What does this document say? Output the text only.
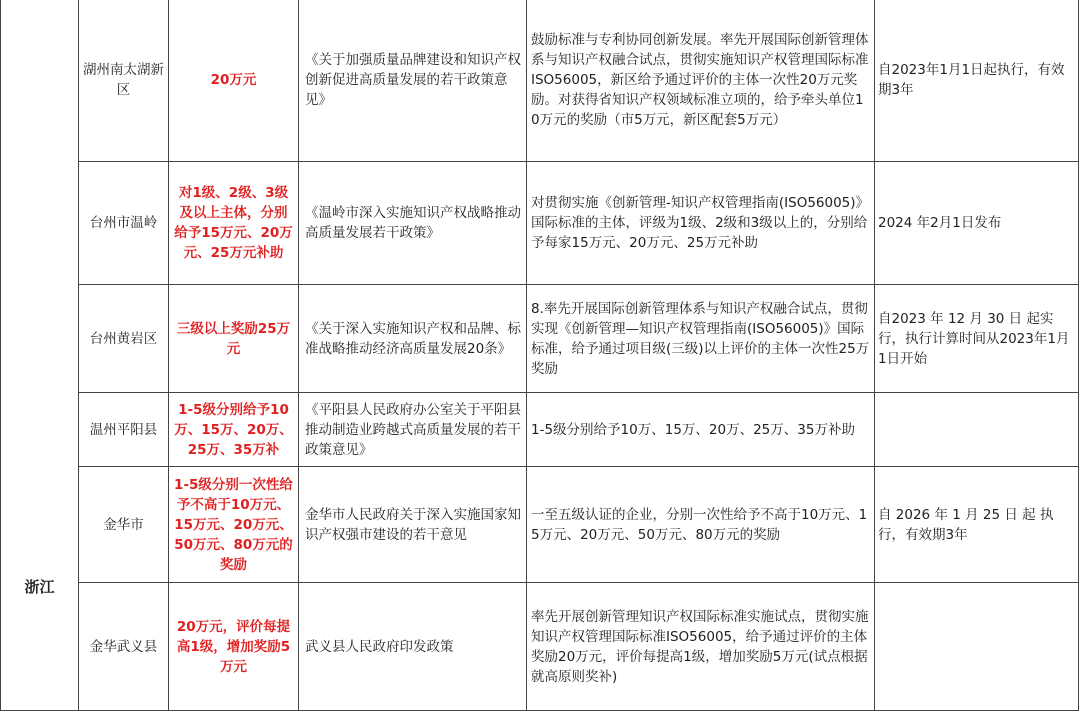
浙江	湖州南太湖新区	20万元	《关于加强质量品牌建设和知识产权创新促进高质量发展的若干政策意见》	鼓励标准与专利协同创新发展。率先开展国际创新管理体系与知识产权融合试点，贯彻实施知识产权管理国际标准ISO56005，新区给予通过评价的主体一次性20万元奖励。对获得省知识产权领域标准立项的，给予牵头单位10万元的奖励（市5万元，新区配套5万元）	自2023年1月1日起执行，有效期3年
	台州市温岭	对1级、2级、3级及以上主体，分别给予15万元、20万元、25万元补助	《温岭市深入实施知识产权战略推动高质量发展若干政策》	对贯彻实施《创新管理-知识产权管理指南(ISO56005)》国际标准的主体，评级为1级、2级和3级以上的，分别给予每家15万元、20万元、25万元补助	2024 年2月1日发布
	台州黄岩区	三级以上奖励25万元	《关于深入实施知识产权和品牌、标准战略推动经济高质量发展20条》	8.率先开展国际创新管理体系与知识产权融合试点，贯彻实现《创新管理—知识产权管理指南(ISO56005)》国际标准，给予通过项目级(三级)以上评价的主体一次性25万奖励	自2023 年 12 月 30 日 起实行，执行计算时间从2023年1月1日开始
	温州平阳县	1-5级分别给予10万、15万、20万、25万、35万补	《平阳县人民政府办公室关于平阳县推动制造业跨越式高质量发展的若干政策意见》	1-5级分别给予10万、15万、20万、25万、35万补助	
	金华市	1-5级分别一次性给予不高于10万元、15万元、20万元、50万元、80万元的奖励	金华市人民政府关于深入实施国家知识产权强市建设的若干意见	一至五级认证的企业，分别一次性给予不高于10万元、15万元、20万元、50万元、80万元的奖励	自 2026 年 1 月 25 日 起 执行，有效期3年
	金华武义县	20万元，评价每提高1级，增加奖励5万元	武义县人民政府印发政策	率先开展创新管理知识产权国际标准实施试点，贯彻实施知识产权管理国际标准ISO56005，给予通过评价的主体奖励20万元，评价每提高1级，增加奖励5万元(试点根据就高原则奖补)	
